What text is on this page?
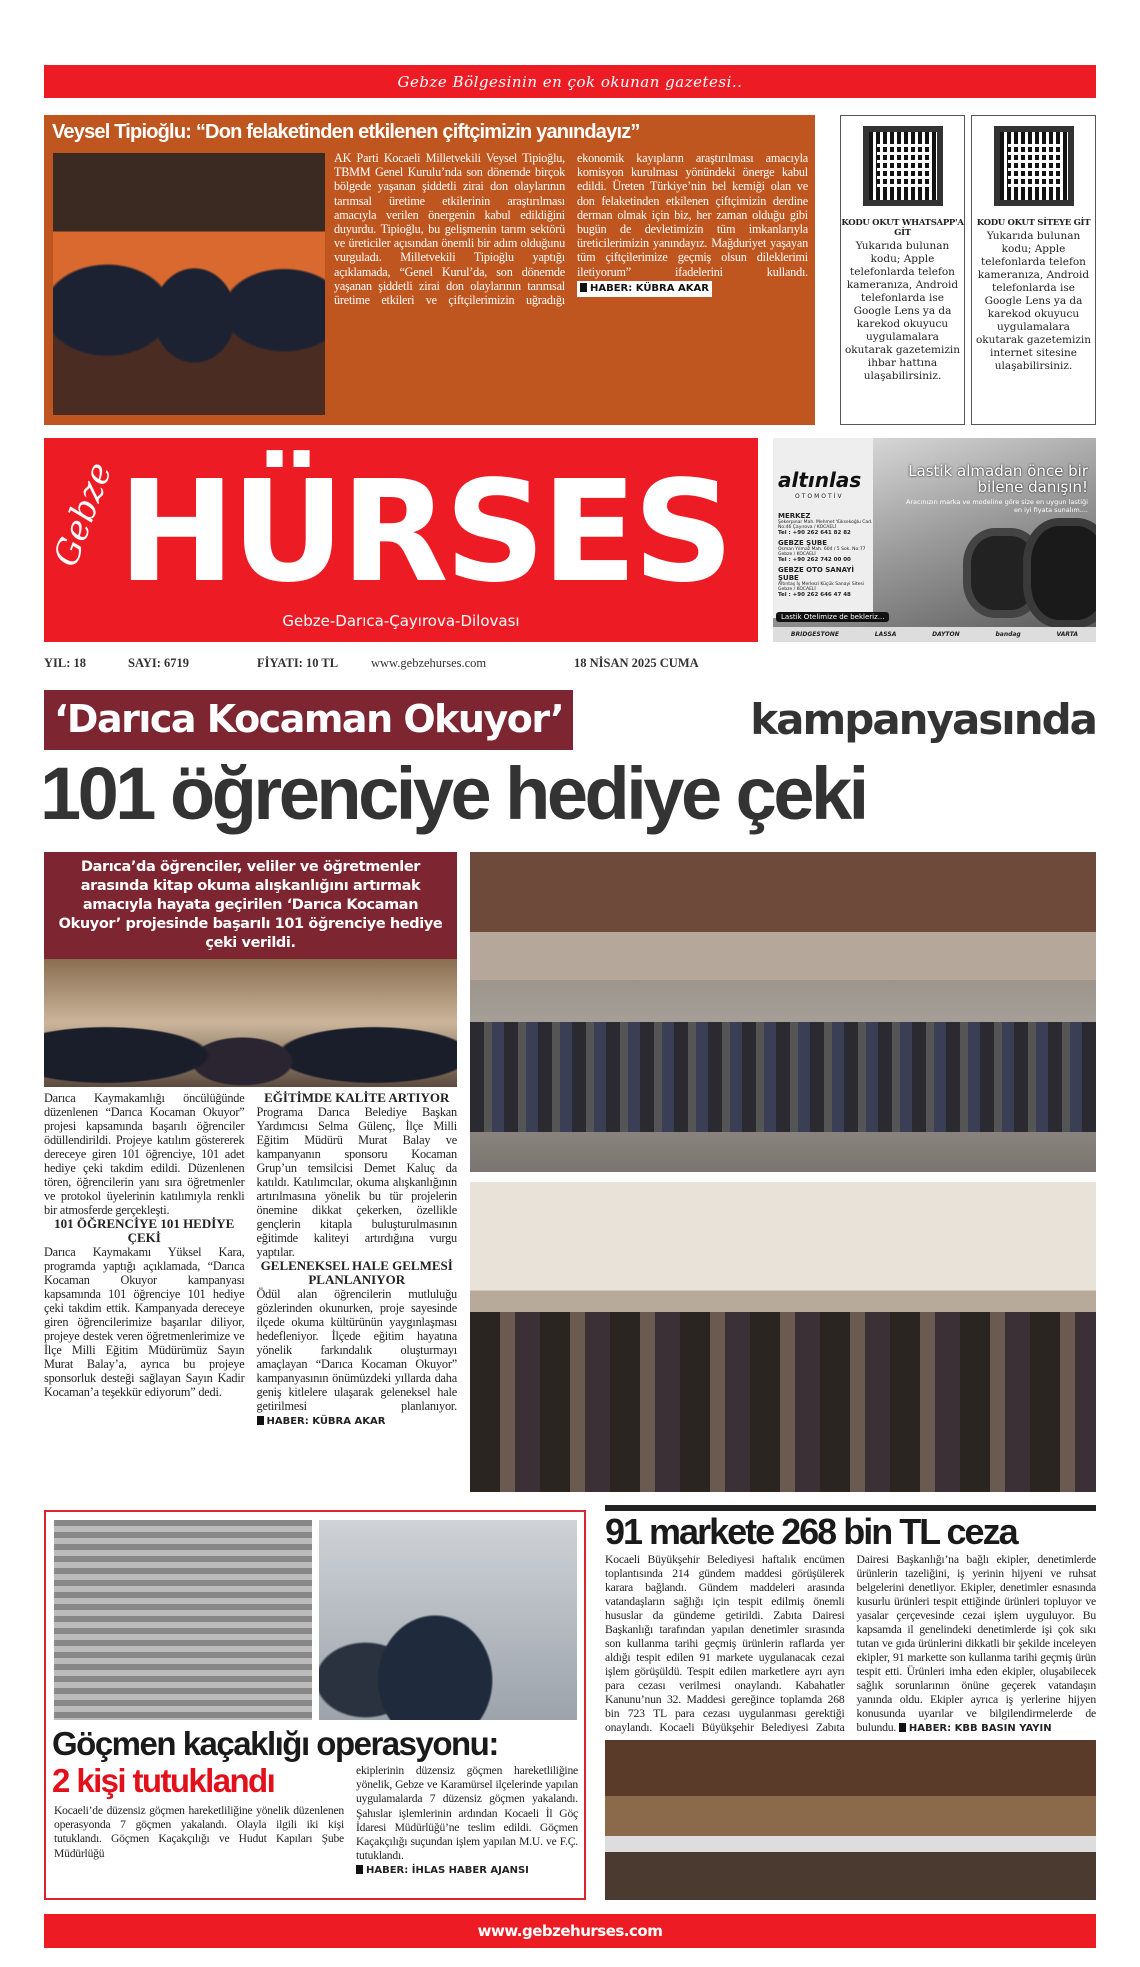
Gebze Bölgesinin en çok okunan gazetesi..
Veysel Tipioğlu: “Don felaketinden etkilenen çiftçimizin yanındayız”
AK Parti Kocaeli Milletvekili Veysel Tipioğlu, TBMM Genel Kurulu’nda son dönemde birçok bölgede yaşanan şiddetli zirai don olaylarının tarımsal üretime etkilerinin araştırılması amacıyla verilen önergenin kabul edildiğini duyurdu. Tipioğlu, bu gelişmenin tarım sektörü ve üreticiler açısından önemli bir adım olduğunu vurguladı. Milletvekili Tipioğlu yaptığı açıklamada, “Genel Kurul’da, son dönemde yaşanan şiddetli zirai don olaylarının tarımsal üretime etkileri ve çiftçilerimizin uğradığı ekonomik kayıpların araştırılması amacıyla komisyon kurulması yönündeki önerge kabul edildi. Üreten Türkiye’nin bel kemiği olan ve don felaketinden etkilenen çiftçimizin derdine derman olmak için biz, her zaman olduğu gibi bugün de devletimizin tüm imkanlarıyla üreticilerimizin yanındayız. Mağduriyet yaşayan tüm çiftçilerimize geçmiş olsun dileklerimi iletiyorum” ifadelerini kullandı. HABER: KÜBRA AKAR
KODU OKUT WHATSAPP'A GİT
Yukarıda bulunan kodu; Apple telefonlarda telefon kameranıza, Android telefonlarda ise Google Lens ya da karekod okuyucu uygulamalara okutarak gazetemizin ihbar hattına ulaşabilirsiniz.
KODU OKUT SİTEYE GİT
Yukarıda bulunan kodu; Apple telefonlarda telefon kameranıza, Android telefonlarda ise Google Lens ya da karekod okuyucu uygulamalara okutarak gazetemizin internet sitesine ulaşabilirsiniz.
Gebze
HÜRSES
Gebze-Darıca-Çayırova-Dilovası
altınlas
OTOMOTİV
MERKEZ
Şekerpınar Mah. Mehmet Yüksekoğlu Cad. No:46 Çayırova / KOCAELİ
Tel : +90 262 641 82 82
GEBZE ŞUBE
Osman Yılmaz Mah. 604 / 5 Sok. No:77 Gebze / KOCAELİ
Tel : +90 262 742 00 00
GEBZE OTO SANAYİ ŞUBE
Altıntaş İş Merkezi Küçük Sanayi Sitesi Gebze / KOCAELİ
Tel : +90 262 646 47 48
Lastik almadan önce bir bilene danışın!
Aracınızın marka ve modeline göre size en uygun lastiği en iyi fiyata sunalım....
Lastik Otelimize de bekleriz...
BRIDGESTONE	LASSA	DAYTON	bandag	VARTA
YIL: 18	SAYI: 6719	FİYATI: 10 TL	www.gebzehurses.com	18 NİSAN 2025 CUMA
‘Darıca Kocaman Okuyor’	kampanyasında
101 öğrenciye hediye çeki
Darıca’da öğrenciler, veliler ve öğretmenler arasında kitap okuma alışkanlığını artırmak amacıyla hayata geçirilen ‘Darıca Kocaman Okuyor’ projesinde başarılı 101 öğrenciye hediye çeki verildi.

Darıca Kaymakamlığı öncülüğünde düzenlenen “Darıca Kocaman Okuyor” projesi kapsamında başarılı öğrenciler ödüllendirildi. Projeye katılım göstererek dereceye giren 101 öğrenciye, 101 adet hediye çeki takdim edildi. Düzenlenen tören, öğrencilerin yanı sıra öğretmenler ve protokol üyelerinin katılımıyla renkli bir atmosferde gerçekleşti.

101 ÖĞRENCİYE 101 HEDİYE ÇEKİ

Darıca Kaymakamı Yüksel Kara, programda yaptığı açıklamada, “Darıca Kocaman Okuyor kampanyası kapsamında 101 öğrenciye 101 hediye çeki takdim ettik. Kampanyada dereceye giren öğrencilerimize başarılar diliyor, projeye destek veren öğretmenlerimize ve İlçe Milli Eğitim Müdürümüz Sayın Murat Balay’a, ayrıca bu projeye sponsorluk desteği sağlayan Sayın Kadir Kocaman’a teşekkür ediyorum” dedi.

EĞİTİMDE KALİTE ARTIYOR

Programa Darıca Belediye Başkan Yardımcısı Selma Gülenç, İlçe Milli Eğitim Müdürü Murat Balay ve kampanyanın sponsoru Kocaman Grup’un temsilcisi Demet Kaluç da katıldı. Katılımcılar, okuma alışkanlığının artırılmasına yönelik bu tür projelerin önemine dikkat çekerken, özellikle gençlerin kitapla buluşturulmasının eğitimde kaliteyi artırdığına vurgu yaptılar.

GELENEKSEL HALE GELMESİ PLANLANIYOR

Ödül alan öğrencilerin mutluluğu gözlerinden okunurken, proje sayesinde ilçede okuma kültürünün yaygınlaşması hedefleniyor. İlçede eğitim hayatına yönelik farkındalık oluşturmayı amaçlayan “Darıca Kocaman Okuyor” kampanyasının önümüzdeki yıllarda daha geniş kitlelere ulaşarak geleneksel hale getirilmesi planlanıyor. HABER: KÜBRA AKAR

Göçmen kaçaklığı operasyonu:
2 kişi tutuklandı
Kocaeli’de düzensiz göçmen hareketliliğine yönelik düzenlenen operasyonda 7 göçmen yakalandı. Olayla ilgili iki kişi tutuklandı. Göçmen Kaçakçılığı ve Hudut Kapıları Şube Müdürlüğü
ekiplerinin düzensiz göçmen hareketliliğine yönelik, Gebze ve Karamürsel ilçelerinde yapılan uygulamalarda 7 düzensiz göçmen yakalandı. Şahıslar işlemlerinin ardından Kocaeli İl Göç İdaresi Müdürlüğü’ne teslim edildi. Göçmen Kaçakçılığı suçundan işlem yapılan M.U. ve F.Ç. tutuklandı.
HABER: İHLAS HABER AJANSI
91 markete 268 bin TL ceza
Kocaeli Büyükşehir Belediyesi haftalık encümen toplantısında 214 gündem maddesi görüşülerek karara bağlandı. Gündem maddeleri arasında vatandaşların sağlığı için tespit edilmiş önemli hususlar da gündeme getirildi. Zabıta Dairesi Başkanlığı tarafından yapılan denetimler sırasında son kullanma tarihi geçmiş ürünlerin raflarda yer aldığı tespit edilen 91 markete uygulanacak cezai işlem görüşüldü. Tespit edilen marketlere ayrı ayrı para cezası verilmesi onaylandı. Kabahatler Kanunu’nun 32. Maddesi gereğince toplamda 268 bin 723 TL para cezası uygulanması gerektiği onaylandı. Kocaeli Büyükşehir Belediyesi Zabıta Dairesi Başkanlığı’na bağlı ekipler, denetimlerde ürünlerin tazeliğini, iş yerinin hijyeni ve ruhsat belgelerini denetliyor. Ekipler, denetimler esnasında kusurlu ürünleri tespit ettiğinde ürünleri topluyor ve yasalar çerçevesinde cezai işlem uyguluyor. Bu kapsamda il genelindeki denetimlerde işi çok sıkı tutan ve gıda ürünlerini dikkatli bir şekilde inceleyen ekipler, 91 markette son kullanma tarihi geçmiş ürün tespit etti. Ürünleri imha eden ekipler, oluşabilecek sağlık sorunlarının önüne geçerek vatandaşın yanında oldu. Ekipler ayrıca iş yerlerine hijyen konusunda uyarılar ve bilgilendirmelerde de bulundu. HABER: KBB BASIN YAYIN
www.gebzehurses.com
